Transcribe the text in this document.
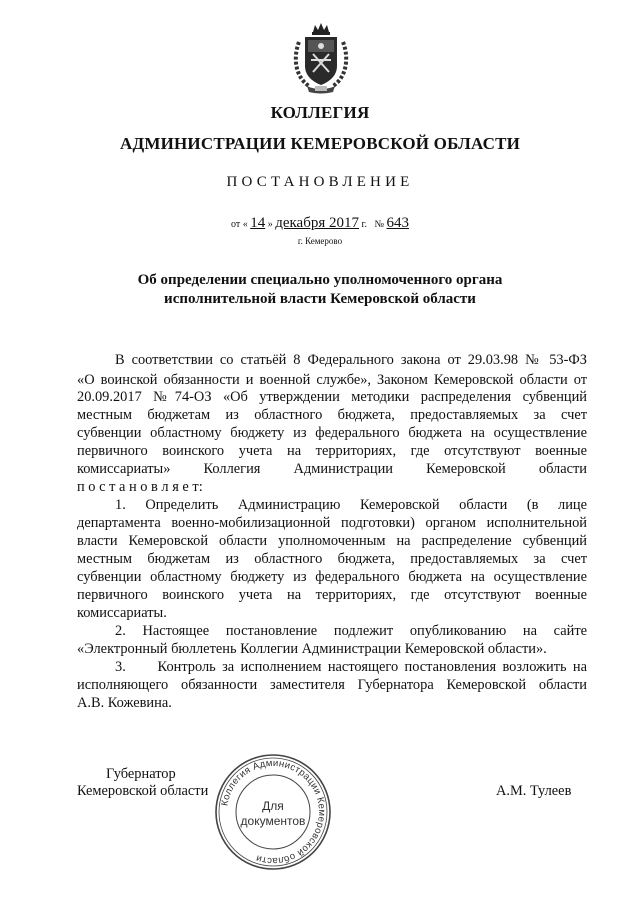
КОЛЛЕГИЯ
АДМИНИСТРАЦИИ КЕМЕРОВСКОЙ ОБЛАСТИ
ПОСТАНОВЛЕНИЕ
от « 14 » декабря 2017 г. № 643
г. Кемерово
Об определении специально уполномоченного органа
исполнительной власти Кемеровской области
В соответствии со статьёй 8 Федерального закона от 29.03.98 № 53-ФЗ
«О воинской обязанности и военной службе», Законом Кемеровской области от
20.09.2017 №74-ОЗ «Об утверждении методики распределения субвенций
местным бюджетам из областного бюджета, предоставляемых за счет
субвенции областному бюджету из федерального бюджета на осуществление
первичного воинского учета на территориях, где отсутствуют военные
комиссариаты» Коллегия Администрации Кемеровской области
п о с т а н о в л я е т:
1. Определить Администрацию Кемеровской области (в лице
департамента военно-мобилизационной подготовки) органом исполнительной
власти Кемеровской области уполномоченным на распределение субвенций
местным бюджетам из областного бюджета, предоставляемых за счет
субвенции областному бюджету из федерального бюджета на осуществление
первичного воинского учета на территориях, где отсутствуют военные
комиссариаты.
2. Настоящее постановление подлежит опубликованию на сайте
«Электронный бюллетень Коллегии Администрации Кемеровской области».
3.     Контроль за исполнением настоящего постановления возложить на
исполняющего обязанности заместителя Губернатора Кемеровской области
А.В. Кожевина.
Губернатор
Кемеровской области	А.М. Тулеев
Коллегия Администрации Кемеровской области
Для
документов
